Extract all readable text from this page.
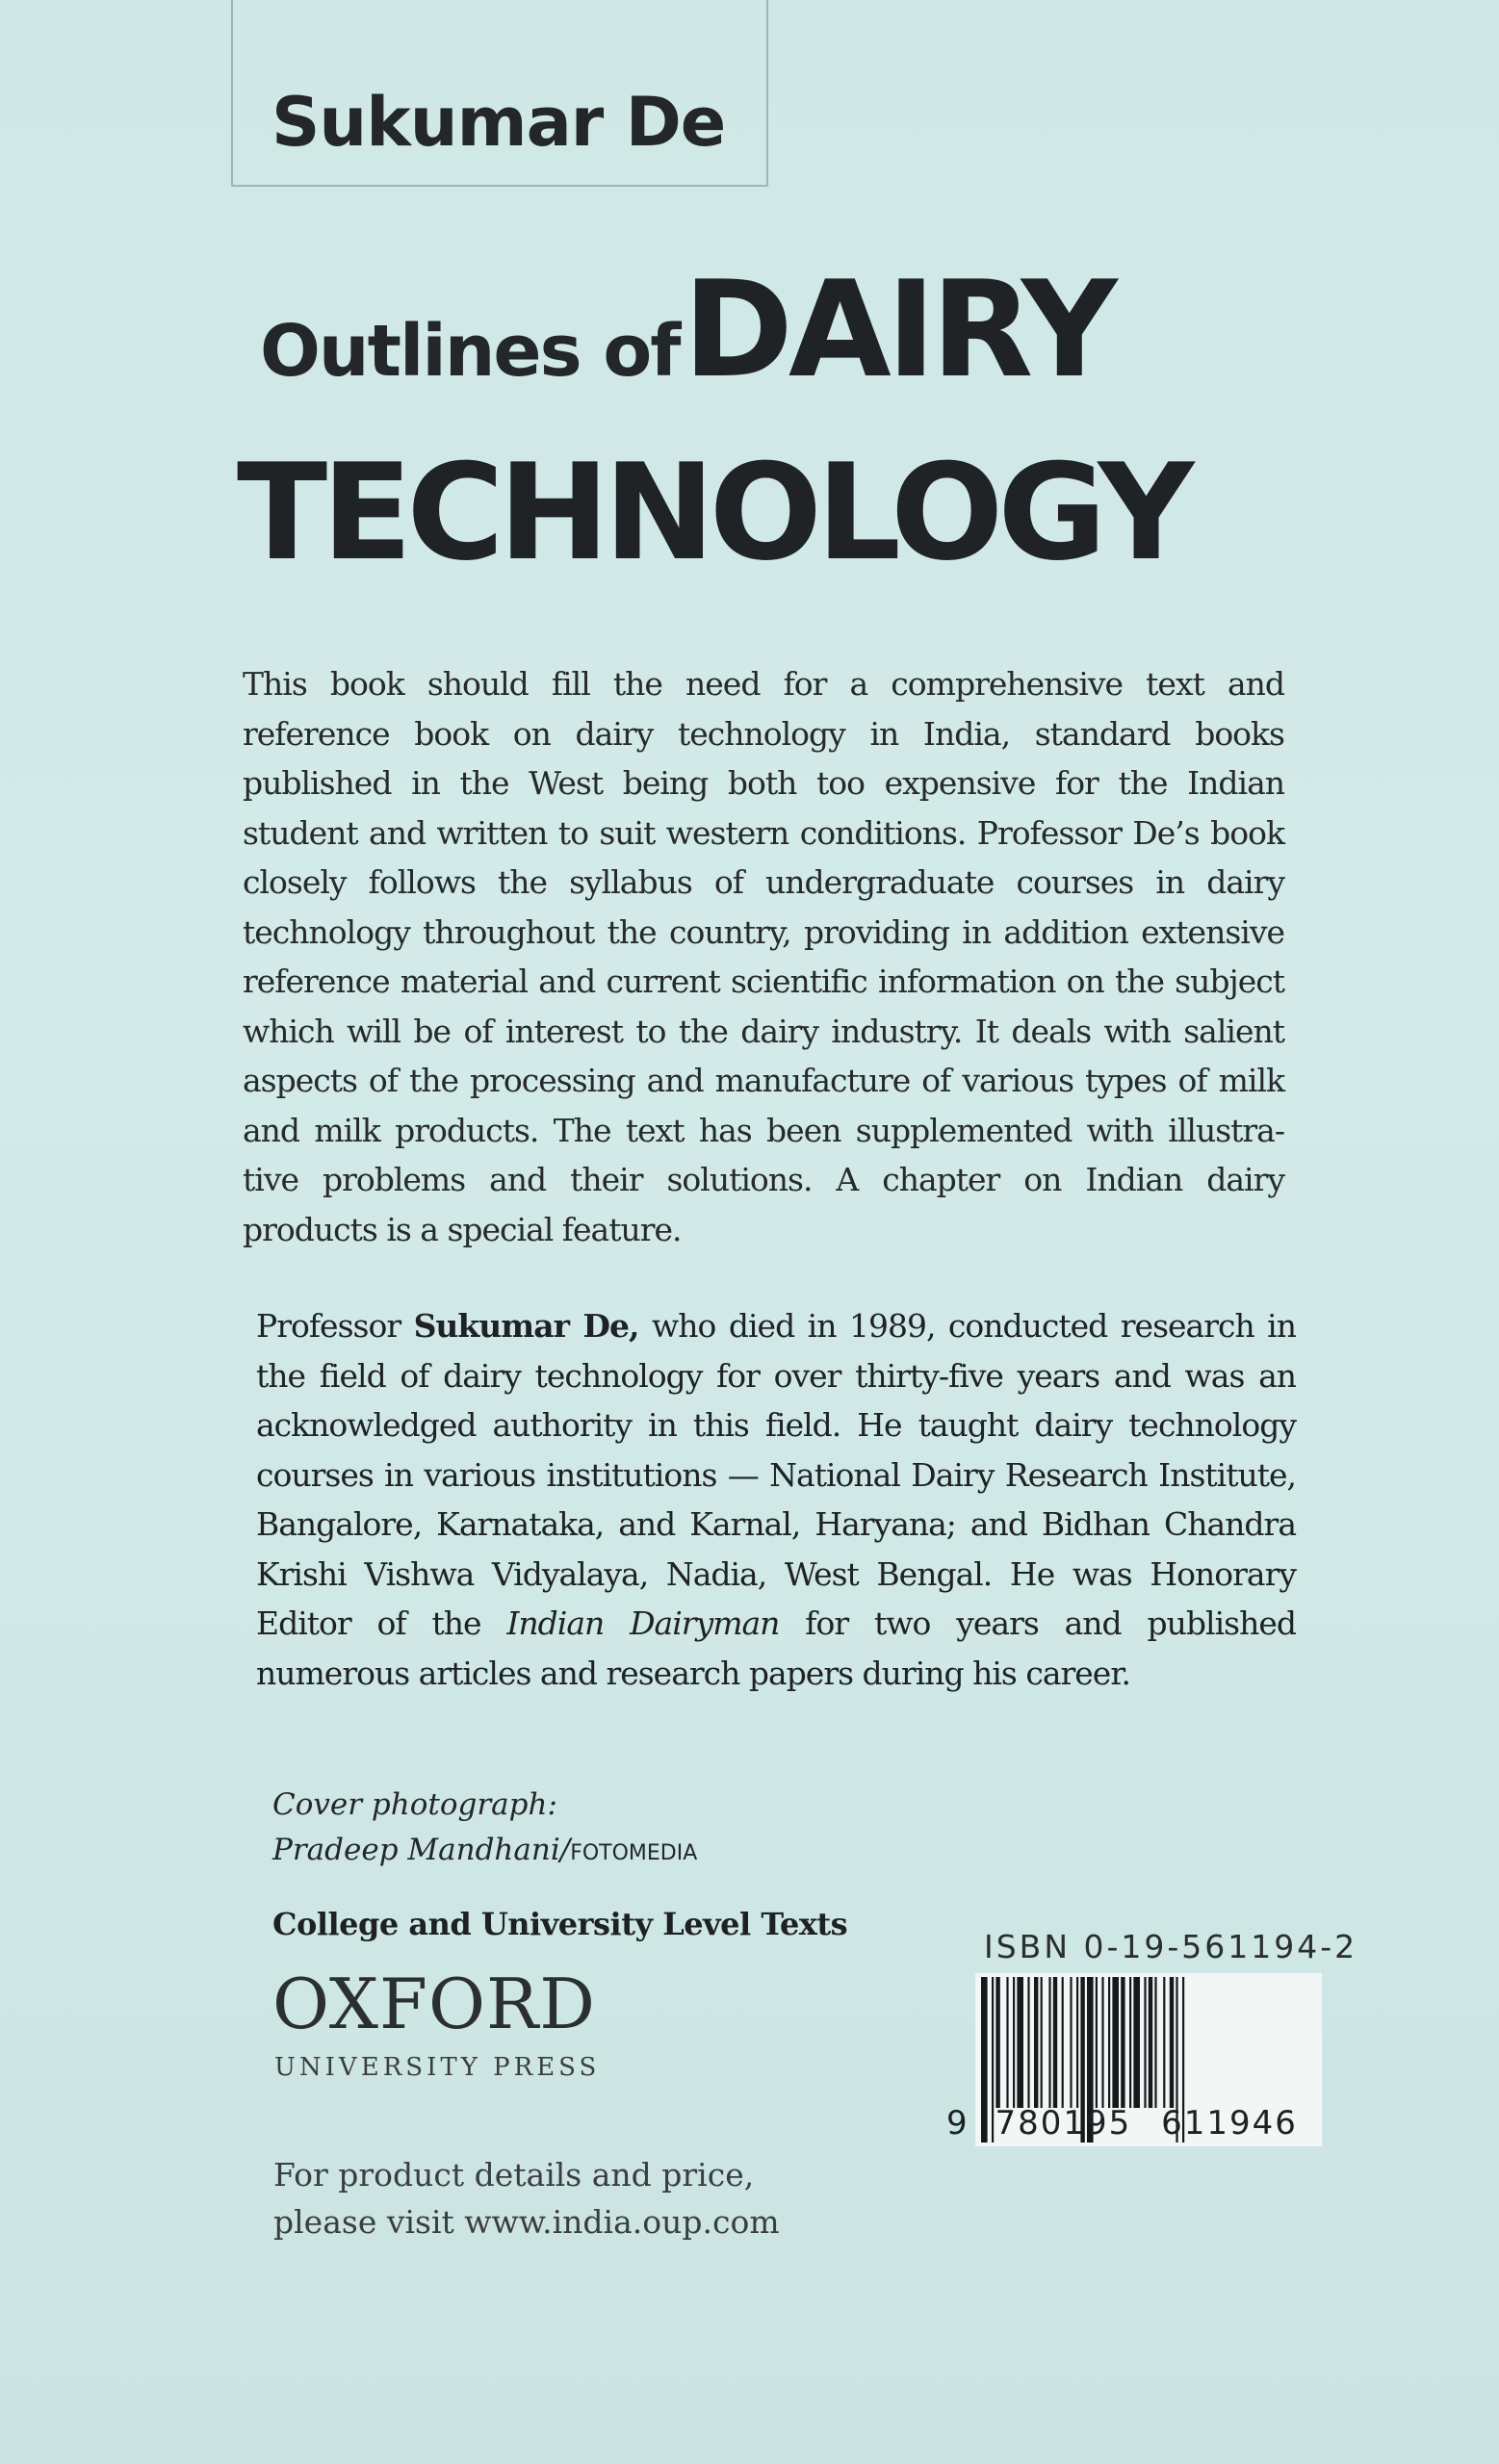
Sukumar De
Outlines of DAIRY
TECHNOLOGY
This book should fill the need for a comprehensive text and reference book on dairy technology in India, standard books published in the West being both too expensive for the Indian student and written to suit western conditions. Professor De’s book closely follows the syllabus of undergraduate courses in dairy technology throughout the country, providing in addition extensive reference material and current scientific information on the subject which will be of interest to the dairy industry. It deals with salient aspects of the processing and manufacture of various types of milk and milk products. The text has been supplemented with illustra-tive problems and their solutions. A chapter on Indian dairy products is a special feature.
Professor Sukumar De, who died in 1989, conducted research in the field of dairy technology for over thirty-five years and was an acknowledged authority in this field. He taught dairy technology courses in various institutions — National Dairy Research Institute, Bangalore, Karnataka, and Karnal, Haryana; and Bidhan Chandra Krishi Vishwa Vidyalaya, Nadia, West Bengal. He was Honorary Editor of the Indian Dairyman for two years and published numerous articles and research papers during his career.
Cover photograph:
Pradeep Mandhani/FOTOMEDIA
College and University Level Texts
OXFORD
UNIVERSITY PRESS
For product details and price,
please visit www.india.oup.com
ISBN 0-19-561194-2
9 780195 611946
